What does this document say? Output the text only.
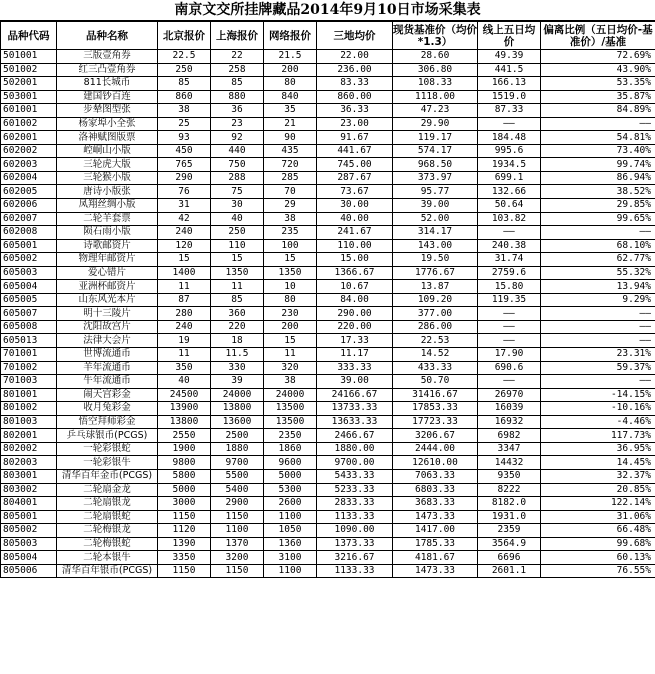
南京文交所挂牌藏品2014年9月10日市场采集表
品种代码	品种名称	北京报价	上海报价	网络报价	三地均价	现货基准价（均价*1.3）	线上五日均价	偏离比例（五日均价-基准价）/基准
501001	三版壹角券	22.5	22	21.5	22.00	28.60	49.39	72.69%
501002	红三凸壹角券	250	258	200	236.00	306.80	441.5	43.90%
502001	811长城币	85	85	80	83.33	108.33	166.13	53.35%
503001	建国钞百连	860	880	840	860.00	1118.00	1519.0	35.87%
601001	步辇图型张	38	36	35	36.33	47.23	87.33	84.89%
601002	杨家埠小全张	25	23	21	23.00	29.90	——	——
602001	洛神赋图版票	93	92	90	91.67	119.17	184.48	54.81%
602002	崆峒山小版	450	440	435	441.67	574.17	995.6	73.40%
602003	三轮虎大版	765	750	720	745.00	968.50	1934.5	99.74%
602004	三轮猴小版	290	288	285	287.67	373.97	699.1	86.94%
602005	唐诗小版张	76	75	70	73.67	95.77	132.66	38.52%
602006	凤翔丝绸小版	31	30	29	30.00	39.00	50.64	29.85%
602007	二轮羊套票	42	40	38	40.00	52.00	103.82	99.65%
602008	陨石雨小版	240	250	235	241.67	314.17	——	——
605001	诗歌邮资片	120	110	100	110.00	143.00	240.38	68.10%
605002	物理年邮资片	15	15	15	15.00	19.50	31.74	62.77%
605003	爱心错片	1400	1350	1350	1366.67	1776.67	2759.6	55.32%
605004	亚洲杯邮资片	11	11	10	10.67	13.87	15.80	13.94%
605005	山东风光本片	87	85	80	84.00	109.20	119.35	9.29%
605007	明十三陵片	280	360	230	290.00	377.00	——	——
605008	沈阳故宫片	240	220	200	220.00	286.00	——	——
605013	法律大会片	19	18	15	17.33	22.53	——	——
701001	世博流通币	11	11.5	11	11.17	14.52	17.90	23.31%
701002	羊年流通币	350	330	320	333.33	433.33	690.6	59.37%
701003	牛年流通币	40	39	38	39.00	50.70	——	——
801001	闹天宫彩金	24500	24000	24000	24166.67	31416.67	26970	-14.15%
801002	收月兔彩金	13900	13800	13500	13733.33	17853.33	16039	-10.16%
801003	悟空拜师彩金	13800	13600	13500	13633.33	17723.33	16932	-4.46%
802001	乒乓球银币(PCGS)	2550	2500	2350	2466.67	3206.67	6982	117.73%
802002	一轮彩银蛇	1900	1880	1860	1880.00	2444.00	3347	36.95%
802003	一轮彩银牛	9800	9700	9600	9700.00	12610.00	14432	14.45%
803001	清华百年金币(PCGS)	5800	5500	5000	5433.33	7063.33	9350	32.37%
803002	二轮扇金龙	5000	5400	5300	5233.33	6803.33	8222	20.85%
804001	二轮扇银龙	3000	2900	2600	2833.33	3683.33	8182.0	122.14%
805001	二轮扇银蛇	1150	1150	1100	1133.33	1473.33	1931.0	31.06%
805002	二轮梅银龙	1120	1100	1050	1090.00	1417.00	2359	66.48%
805003	二轮梅银蛇	1390	1370	1360	1373.33	1785.33	3564.9	99.68%
805004	二轮本银牛	3350	3200	3100	3216.67	4181.67	6696	60.13%
805006	清华百年银币(PCGS)	1150	1150	1100	1133.33	1473.33	2601.1	76.55%
